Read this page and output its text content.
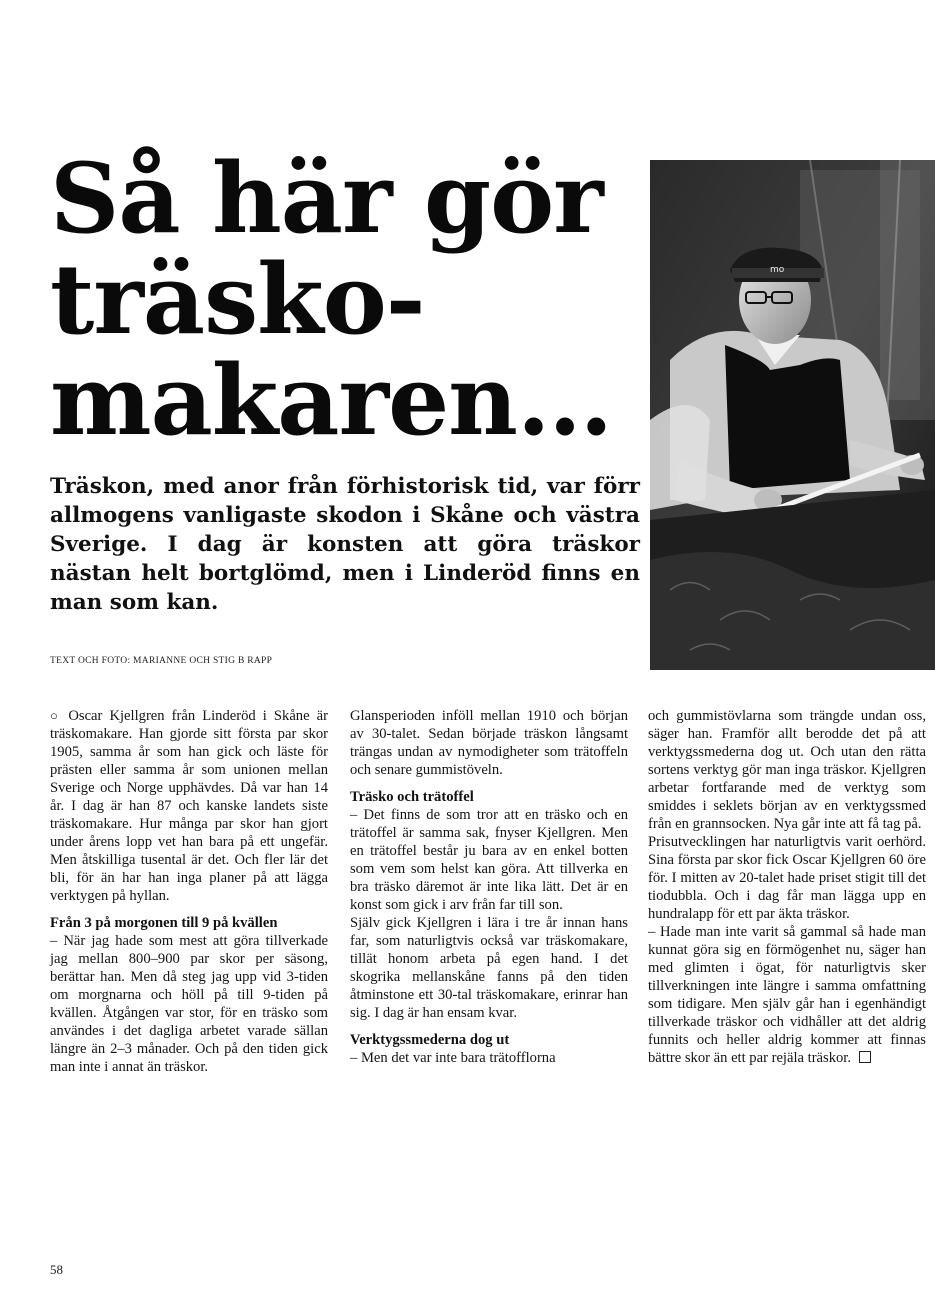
Så här gör
träsko-
makaren…
mo

Träskon, med anor från förhistorisk tid, var förr allmogens vanligaste skodon i Skåne och västra Sverige. I dag är konsten att göra träskor nästan helt bortglömd, men i Linderöd finns en man som kan.

TEXT OCH FOTO: MARIANNE OCH STIG B RAPP

○ Oscar Kjellgren från Linderöd i Skåne är träskomakare. Han gjorde sitt första par skor 1905, samma år som han gick och läste för prästen eller samma år som unionen mellan Sverige och Norge upphävdes. Då var han 14 år. I dag är han 87 och kanske landets siste träskomakare. Hur många par skor han gjort under årens lopp vet han bara på ett ungefär. Men åtskilliga tusental är det. Och fler lär det bli, för än har han inga planer på att lägga verktygen på hyllan.

Från 3 på morgonen till 9 på kvällen

– När jag hade som mest att göra tillverkade jag mellan 800–900 par skor per säsong, berättar han. Men då steg jag upp vid 3-tiden om morgnarna och höll på till 9-tiden på kvällen. Åtgången var stor, för en träsko som användes i det dagliga arbetet varade sällan längre än 2–3 månader. Och på den tiden gick man inte i annat än träskor.

Glansperioden inföll mellan 1910 och början av 30-talet. Sedan började träskon långsamt trängas undan av nymodigheter som trätoffeln och senare gummistöveln.

Träsko och trätoffel

– Det finns de som tror att en träsko och en trätoffel är samma sak, fnyser Kjellgren. Men en trätoffel består ju bara av en enkel botten som vem som helst kan göra. Att tillverka en bra träsko däremot är inte lika lätt. Det är en konst som gick i arv från far till son.

Själv gick Kjellgren i lära i tre år innan hans far, som naturligtvis också var träskomakare, tillät honom arbeta på egen hand. I det skogrika mellanskåne fanns på den tiden åtminstone ett 30-tal träskomakare, erinrar han sig. I dag är han ensam kvar.

Verktygssmederna dog ut

– Men det var inte bara trätofflorna

och gummistövlarna som trängde undan oss, säger han. Framför allt berodde det på att verktygssmederna dog ut. Och utan den rätta sortens verktyg gör man inga träskor. Kjellgren arbetar fortfarande med de verktyg som smiddes i seklets början av en verktygssmed från en grannsocken. Nya går inte att få tag på.

Prisutvecklingen har naturligtvis varit oerhörd. Sina första par skor fick Oscar Kjellgren 60 öre för. I mitten av 20-talet hade priset stigit till det tiodubbla. Och i dag får man lägga upp en hundralapp för ett par äkta träskor.

– Hade man inte varit så gammal så hade man kunnat göra sig en förmögenhet nu, säger han med glimten i ögat, för naturligtvis sker tillverkningen inte längre i samma omfattning som tidigare. Men själv går han i egenhändigt tillverkade träskor och vidhåller att det aldrig funnits och heller aldrig kommer att finnas bättre skor än ett par rejäla träskor.

58
